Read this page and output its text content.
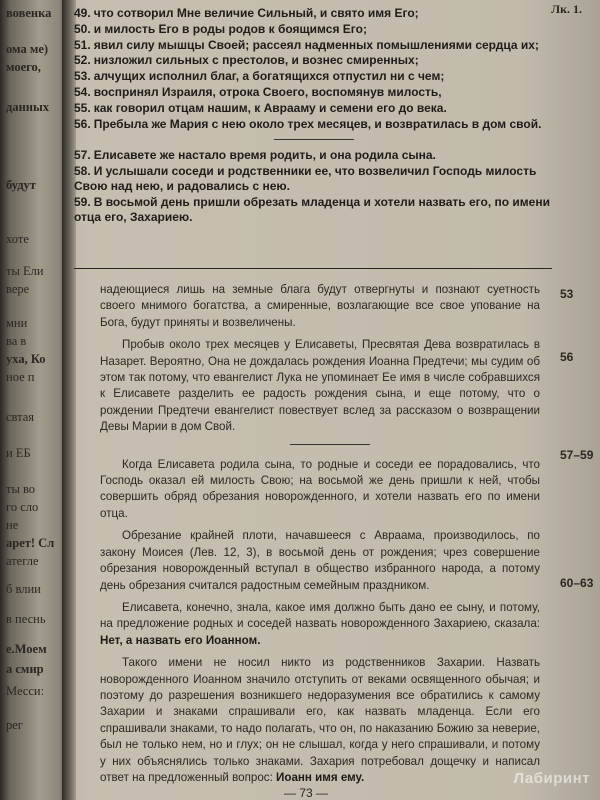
вовенка
ома ме)
моего,
данных
будут
хоте
ты Ели
вере
мни
ва в
уха, Ко
ное п
свтая
и ЕБ
ты во
го сло
не
арет! Сл
атегле
б влии
в песнь
е.Моем
а смир
Месси:
рег
Лк. 1.

49. что сотворил Мне величие Сильный, и свято имя Его;

50. и милость Его в роды родов к боящимся Его;

51. явил силу мышцы Своей; рассеял надменных помышлениями сердца их;

52. низложил сильных с престолов, и вознес смиренных;

53. алчущих исполнил благ, а богатящихся отпустил ни с чем;

54. воспринял Израиля, отрока Своего, воспомянув милость,

55. как говорил отцам нашим, к Аврааму и семени его до века.

56. Пребыла же Мария с нею около трех месяцев, и возвратилась в дом свой.

57. Елисавете же настало время родить, и она родила сына.

58. И услышали соседи и родственники ее, что возвеличил Господь милость Свою над нею, и радовались с нею.

59. В восьмой день пришли обрезать младенца и хотели назвать его, по имени отца его, Захариею.

надеющиеся лишь на земные блага будут отвергнуты и познают суетность своего мнимого богатства, а смиренные, возлагающие все свое упование на Бога, будут приняты и возвеличены.

Пробыв около трех месяцев у Елисаветы, Пресвятая Дева возвратилась в Назарет. Вероятно, Она не дождалась рождения Иоанна Предтечи; мы судим об этом так потому, что евангелист Лука не упоминает Ее имя в числе собравшихся к Елисавете разделить ее радость рождения сына, и еще потому, что о рождении Предтечи евангелист повествует вслед за рассказом о возвращении Девы Марии в дом Свой.

Когда Елисавета родила сына, то родные и соседи ее порадовались, что Господь оказал ей милость Свою; на восьмой же день пришли к ней, чтобы совершить обряд обрезания новорожденного, и хотели назвать его по имени отца.

Обрезание крайней плоти, начавшееся с Авраама, производилось, по закону Моисея (Лев. 12, 3), в восьмой день от рождения; чрез совершение обрезания новорожденный вступал в общество избранного народа, а потому день обрезания считался радостным семейным праздником.

Елисавета, конечно, знала, какое имя должно быть дано ее сыну, и потому, на предложение родных и соседей назвать новорожденного Захариею, сказала: Нет, а назвать его Иоанном.

Такого имени не носил никто из родственников Захарии. Назвать новорожденного Иоанном значило отступить от веками освященного обычая; и поэтому до разрешения возникшего недоразумения все обратились к самому Захарии и знаками спрашивали его, как назвать младенца. Если его спрашивали знаками, то надо полагать, что он, по наказанию Божию за неверие, был не только нем, но и глух; он не слышал, когда у него спрашивали, и потому у них объяснялись только знаками. Захария потребовал дощечку и написал ответ на предложенный вопрос: Иоанн имя ему.

53
56
57–59
60–63
— 73 —
Лабиринт
